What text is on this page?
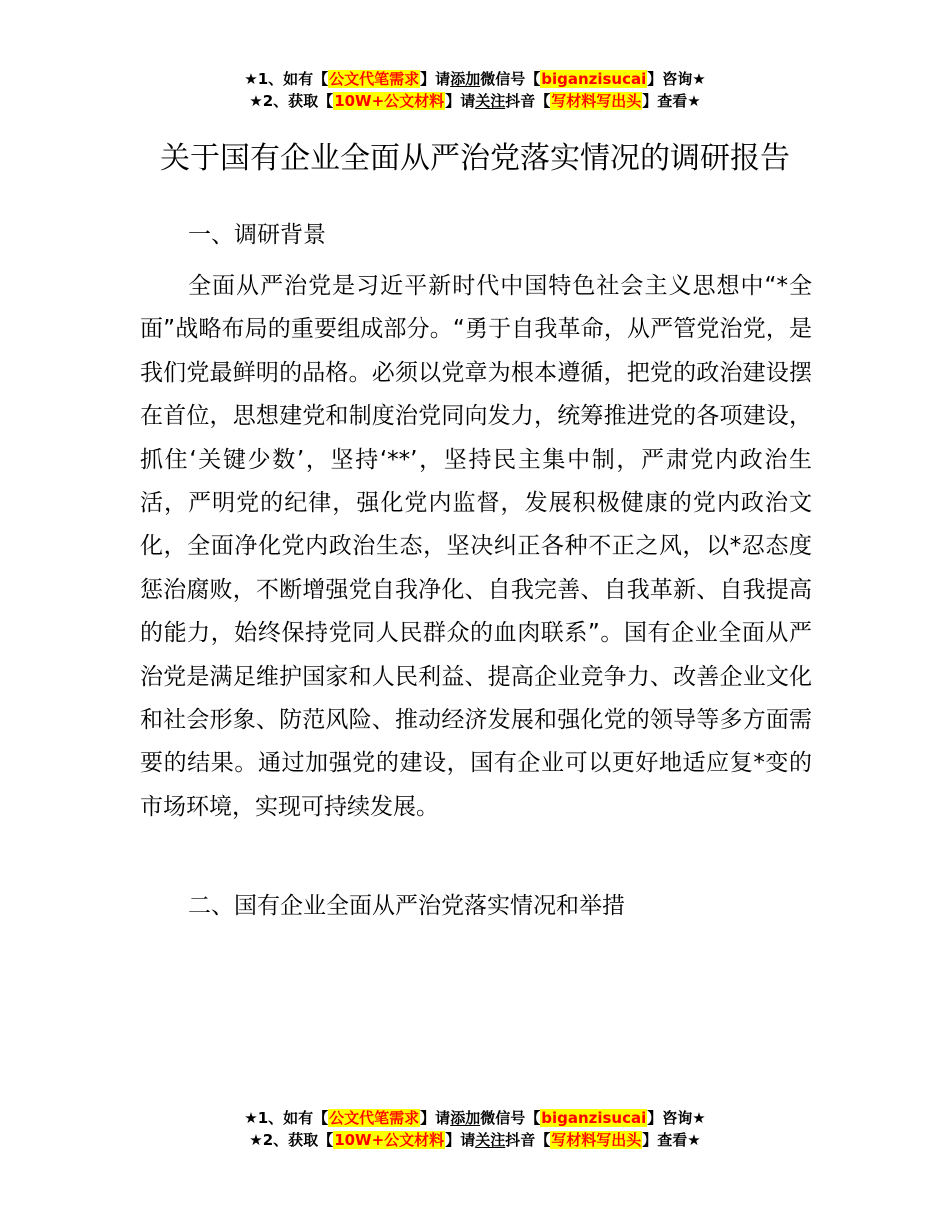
★1、如有【公文代笔需求】请添加微信号【biganzisucai】咨询★
★2、获取【10W+公文材料】请关注抖音【写材料写出头】查看★
关于国有企业全面从严治党落实情况的调研报告

一、调研背景

全面从严治党是习近平新时代中国特色社会主义思想中“*全面”战略布局的重要组成部分。“勇于自我革命，从严管党治党，是我们党最鲜明的品格。必须以党章为根本遵循，把党的政治建设摆在首位，思想建党和制度治党同向发力，统筹推进党的各项建设，抓住‘关键少数’，坚持‘**’，坚持民主集中制，严肃党内政治生活，严明党的纪律，强化党内监督，发展积极健康的党内政治文化，全面净化党内政治生态，坚决纠正各种不正之风，以*忍态度惩治腐败，不断增强党自我净化、自我完善、自我革新、自我提高的能力，始终保持党同人民群众的血肉联系”。国有企业全面从严治党是满足维护国家和人民利益、提高企业竞争力、改善企业文化和社会形象、防范风险、推动经济发展和强化党的领导等多方面需要的结果。通过加强党的建设，国有企业可以更好地适应复*变的市场环境，实现可持续发展。

二、国有企业全面从严治党落实情况和举措

★1、如有【公文代笔需求】请添加微信号【biganzisucai】咨询★
★2、获取【10W+公文材料】请关注抖音【写材料写出头】查看★
